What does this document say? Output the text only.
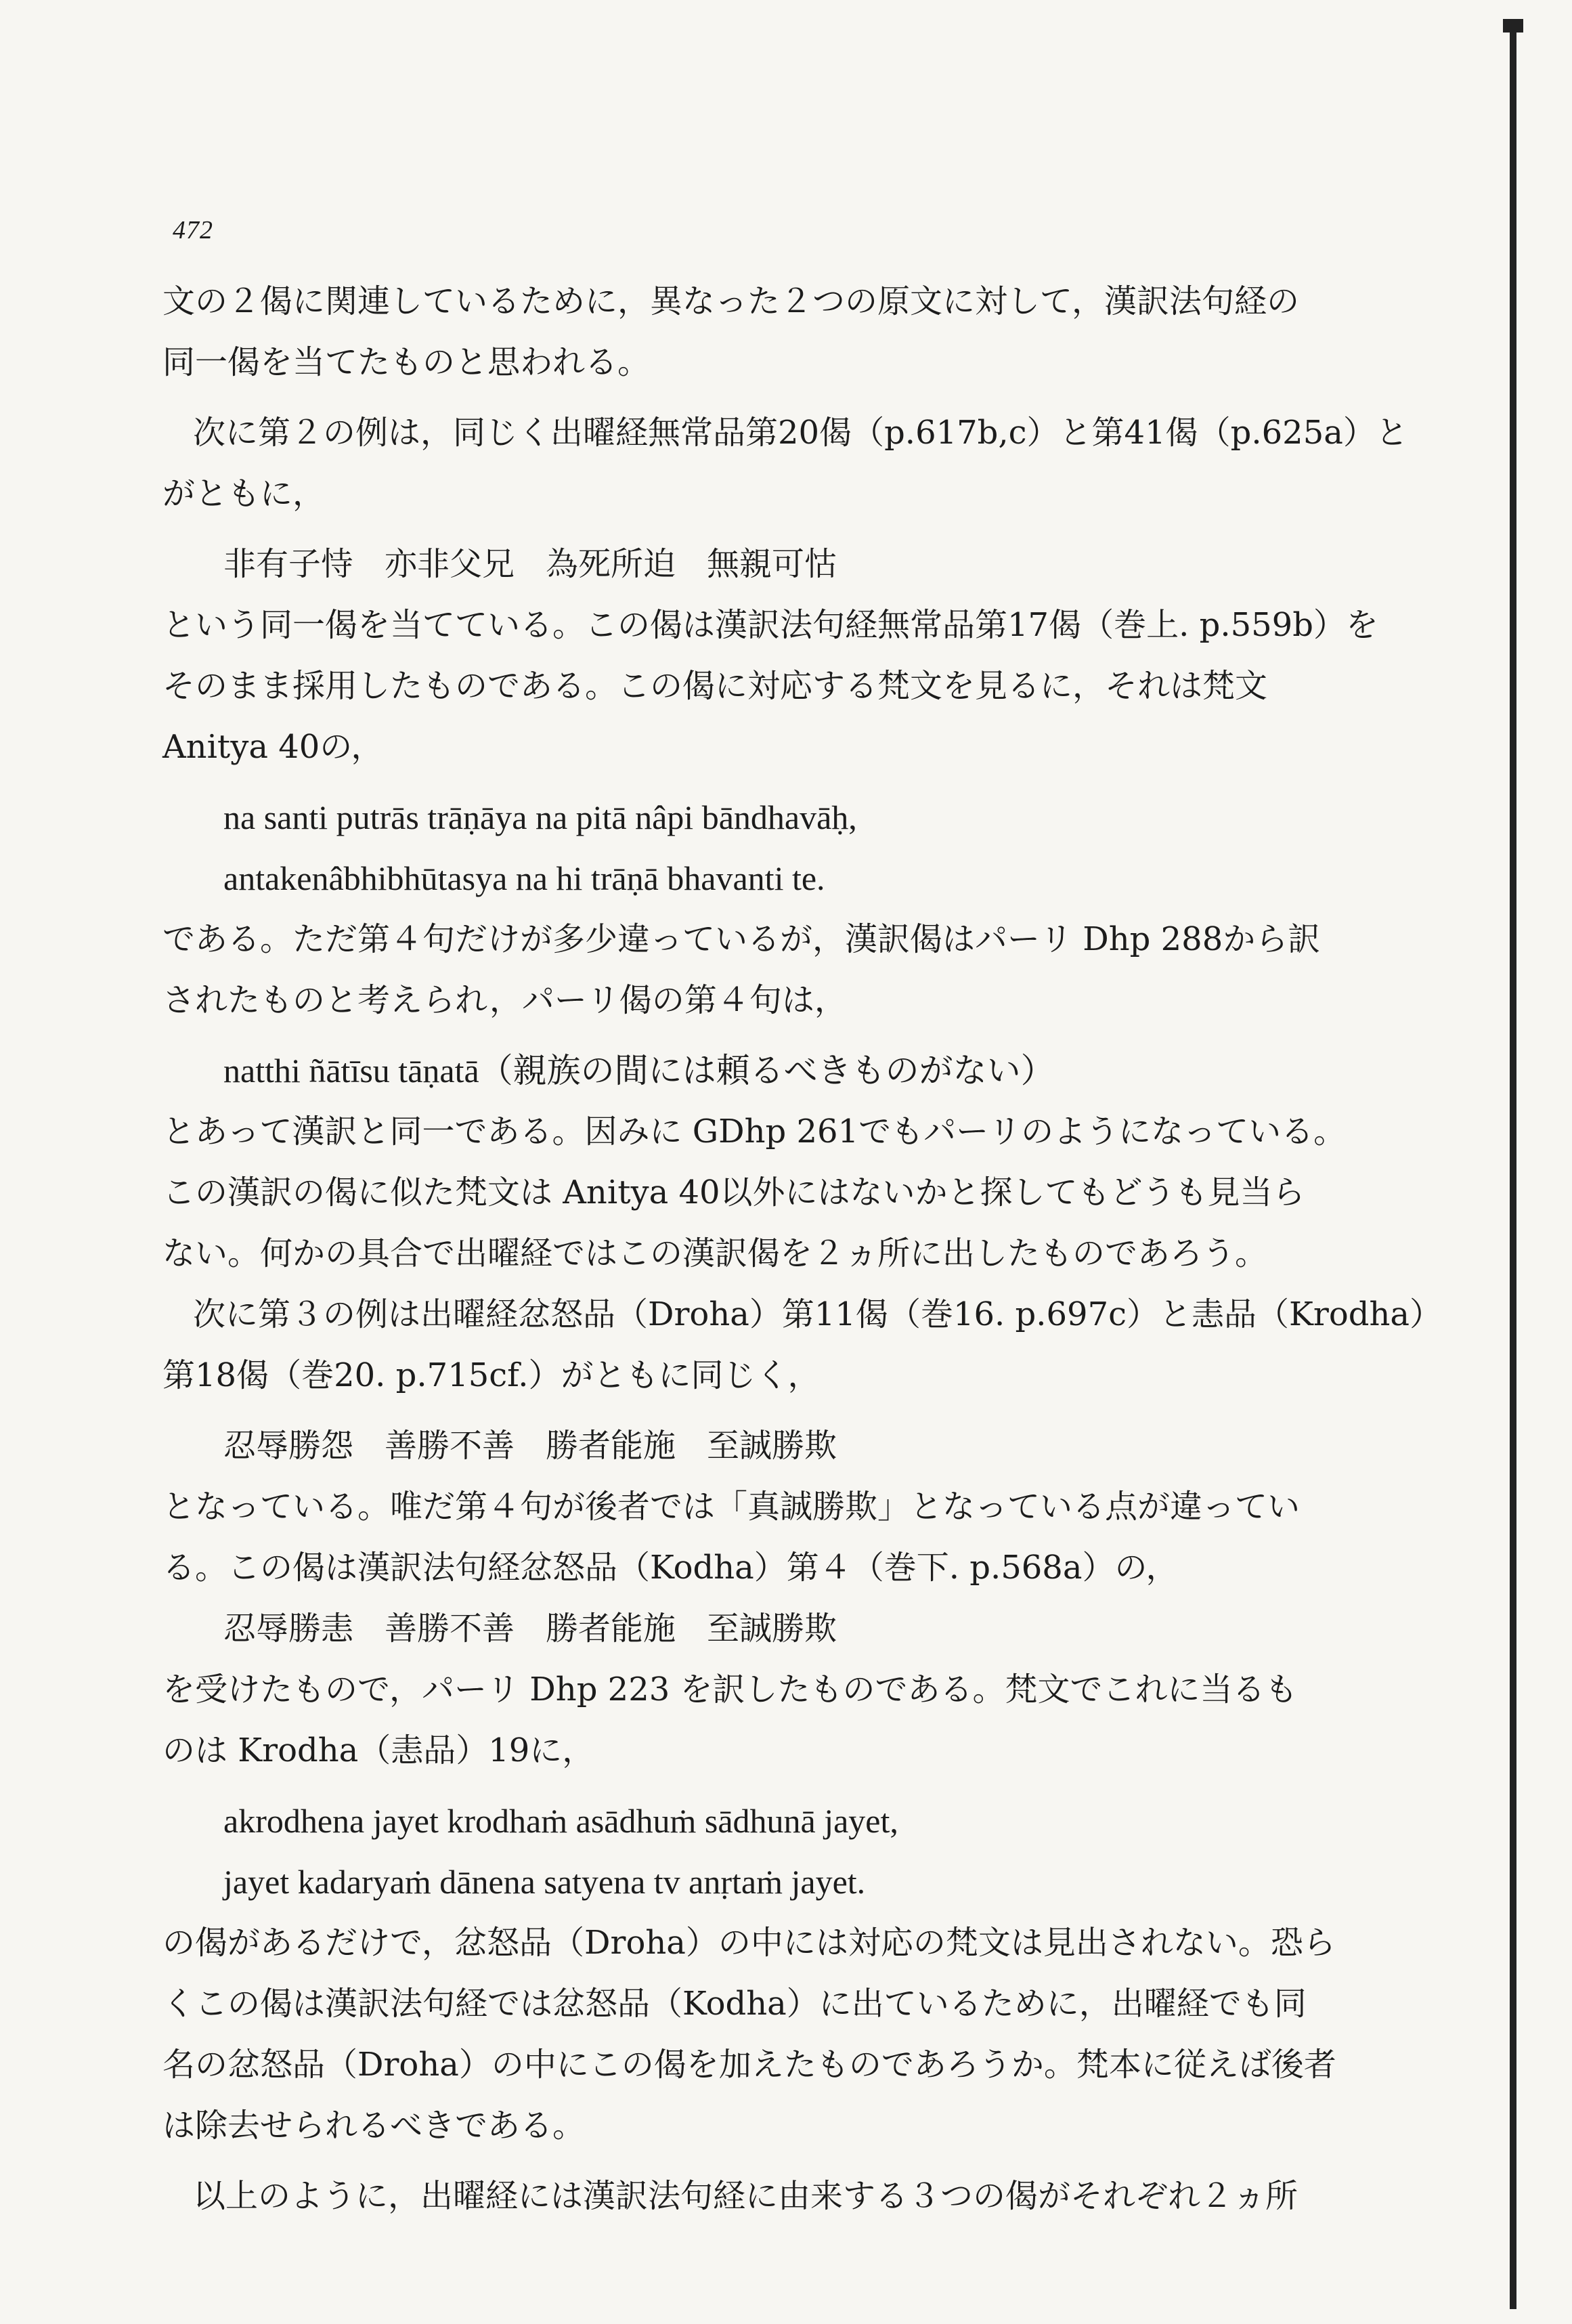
472
文の２偈に関連しているために，異なった２つの原文に対して，漢訳法句経の
同一偈を当てたものと思われる。
次に第２の例は，同じく出曜経無常品第20偈（p.617b,c）と第41偈（p.625a）と
がともに，
非有子恃 亦非父兄 為死所迫 無親可怙
という同一偈を当てている。この偈は漢訳法句経無常品第17偈（巻上. p.559b）を
そのまま採用したものである。この偈に対応する梵文を見るに，それは梵文
Anitya 40の，
na santi putrās trāṇāya na pitā nâpi bāndhavāḥ,
antakenâbhibhūtasya na hi trāṇā bhavanti te.
である。ただ第４句だけが多少違っているが，漢訳偈はパーリ Dhp 288から訳
されたものと考えられ，パーリ偈の第４句は，
natthi ñātīsu tāṇatā（親族の間には頼るべきものがない）
とあって漢訳と同一である。因みに GDhp 261でもパーリのようになっている。
この漢訳の偈に似た梵文は Anitya 40以外にはないかと探してもどうも見当ら
ない。何かの具合で出曜経ではこの漢訳偈を２ヵ所に出したものであろう。
次に第３の例は出曜経忿怒品（Droha）第11偈（巻16. p.697c）と恚品（Krodha）
第18偈（巻20. p.715cf.）がともに同じく，
忍辱勝怨 善勝不善 勝者能施 至誠勝欺
となっている。唯だ第４句が後者では「真誠勝欺」となっている点が違ってい
る。この偈は漢訳法句経忿怒品（Kodha）第４（巻下. p.568a）の，
忍辱勝恚 善勝不善 勝者能施 至誠勝欺
を受けたもので，パーリ Dhp 223 を訳したものである。梵文でこれに当るも
のは Krodha（恚品）19に，
akrodhena jayet krodhaṁ asādhuṁ sādhunā jayet,
jayet kadaryaṁ dānena satyena tv anṛtaṁ jayet.
の偈があるだけで，忿怒品（Droha）の中には対応の梵文は見出されない。恐ら
くこの偈は漢訳法句経では忿怒品（Kodha）に出ているために，出曜経でも同
名の忿怒品（Droha）の中にこの偈を加えたものであろうか。梵本に従えば後者
は除去せられるべきである。
以上のように，出曜経には漢訳法句経に由来する３つの偈がそれぞれ２ヵ所
